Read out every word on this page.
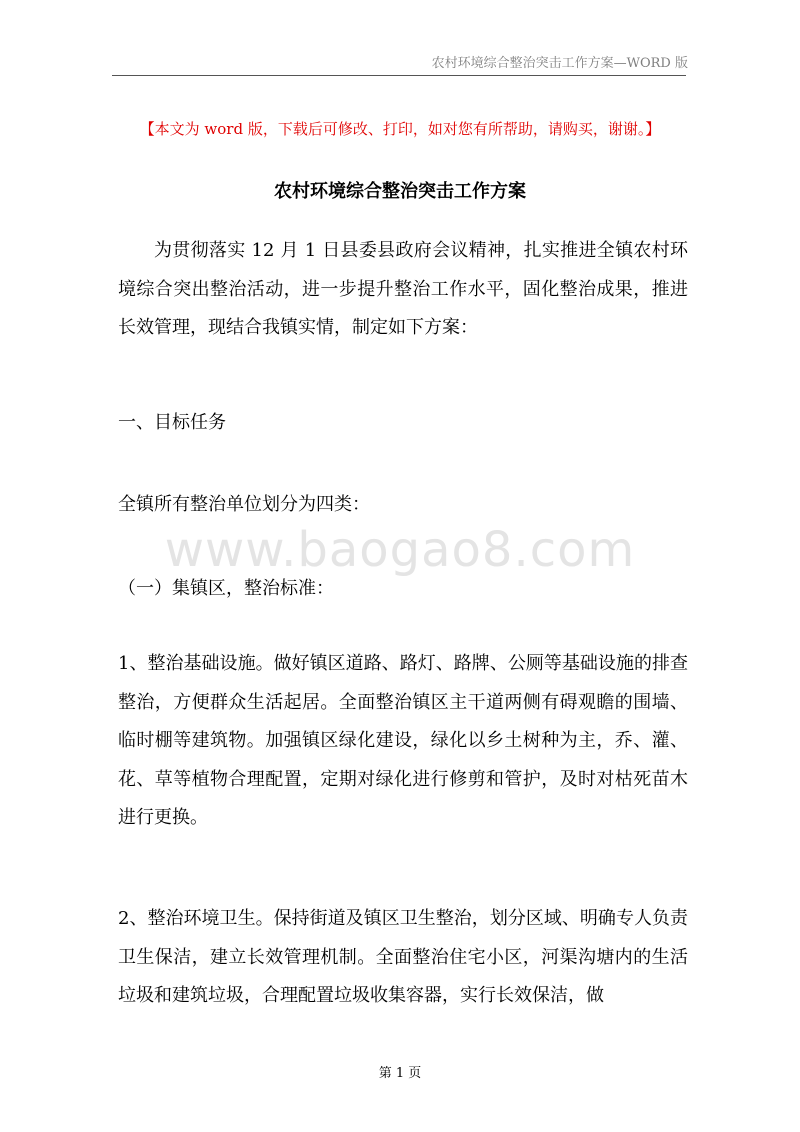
农村环境综合整治突击工作方案—WORD 版
【本文为 word 版，下载后可修改、打印，如对您有所帮助，请购买，谢谢。】
农村环境综合整治突击工作方案
为贯彻落实 12 月 1 日县委县政府会议精神，扎实推进全镇农村环境综合突出整治活动，进一步提升整治工作水平，固化整治成果，推进长效管理，现结合我镇实情，制定如下方案：
一、目标任务
全镇所有整治单位划分为四类：
www.baogao8.com
（一）集镇区，整治标准：
1、整治基础设施。做好镇区道路、路灯、路牌、公厕等基础设施的排查整治，方便群众生活起居。全面整治镇区主干道两侧有碍观瞻的围墙、临时棚等建筑物。加强镇区绿化建设，绿化以乡土树种为主，乔、灌、花、草等植物合理配置，定期对绿化进行修剪和管护，及时对枯死苗木进行更换。
2、整治环境卫生。保持街道及镇区卫生整治，划分区域、明确专人负责卫生保洁，建立长效管理机制。全面整治住宅小区，河渠沟塘内的生活垃圾和建筑垃圾，合理配置垃圾收集容器，实行长效保洁，做
第 1 页
